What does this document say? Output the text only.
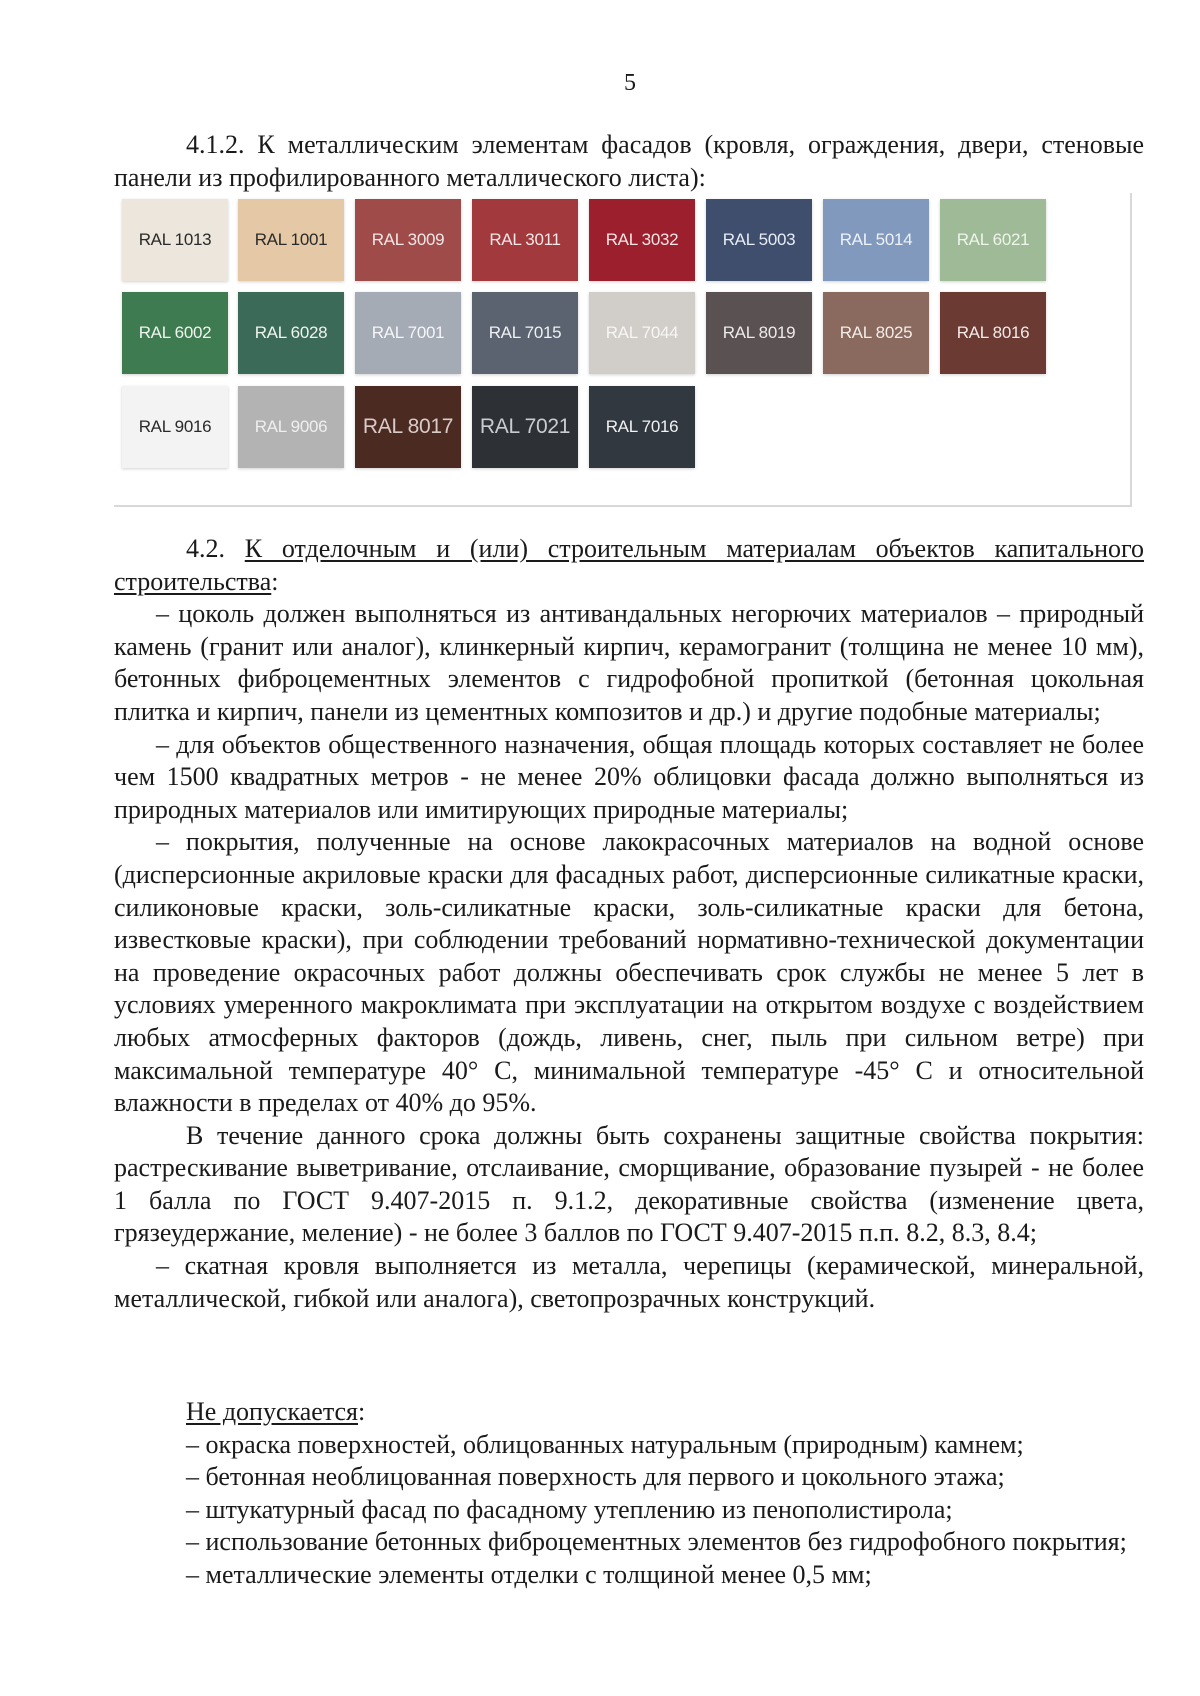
5

4.1.2. К металлическим элементам фасадов (кровля, ограждения, двери, стеновые панели из профилированного металлического листа):

RAL 1013	RAL 1001	RAL 3009	RAL 3011	RAL 3032	RAL 5003	RAL 5014	RAL 6021
RAL 6002	RAL 6028	RAL 7001	RAL 7015	RAL 7044	RAL 8019	RAL 8025	RAL 8016
RAL 9016	RAL 9006 RAL 8017 RAL 7021 RAL 7016

4.2. К отделочным и (или) строительным материалам объектов капитального строительства:

– цоколь должен выполняться из антивандальных негорючих материалов – природный камень (гранит или аналог), клинкерный кирпич, керамогранит (толщина не менее 10 мм), бетонных фиброцементных элементов с гидрофобной пропиткой (бетонная цокольная плитка и кирпич, панели из цементных композитов и др.) и другие подобные материалы;

– для объектов общественного назначения, общая площадь которых составляет не более чем 1500 квадратных метров - не менее 20% облицовки фасада должно выполняться из природных материалов или имитирующих природные материалы;

– покрытия, полученные на основе лакокрасочных материалов на водной основе (дисперсионные акриловые краски для фасадных работ, дисперсионные силикатные краски, силиконовые краски, золь-силикатные краски, золь-силикатные краски для бетона, известковые краски), при соблюдении требований нормативно-технической документации на проведение окрасочных работ должны обеспечивать срок службы не менее 5 лет в условиях умеренного макроклимата при эксплуатации на открытом воздухе с воздействием любых атмосферных факторов (дождь, ливень, снег, пыль при сильном ветре) при максимальной температуре 40° С, минимальной температуре -45° С и относительной влажности в пределах от 40% до 95%.

В течение данного срока должны быть сохранены защитные свойства покрытия: растрескивание выветривание, отслаивание, сморщивание, образование пузырей - не более 1 балла по ГОСТ 9.407-2015 п. 9.1.2, декоративные свойства (изменение цвета, грязеудержание, меление) - не более 3 баллов по ГОСТ 9.407-2015 п.п. 8.2, 8.3, 8.4;

– скатная кровля выполняется из металла, черепицы (керамической, минеральной, металлической, гибкой или аналога), светопрозрачных конструкций.

Не допускается:

– окраска поверхностей, облицованных натуральным (природным) камнем;

– бетонная необлицованная поверхность для первого и цокольного этажа;

– штукатурный фасад по фасадному утеплению из пенополистирола;

– использование бетонных фиброцементных элементов без гидрофобного покрытия;

– металлические элементы отделки с толщиной менее 0,5 мм;
